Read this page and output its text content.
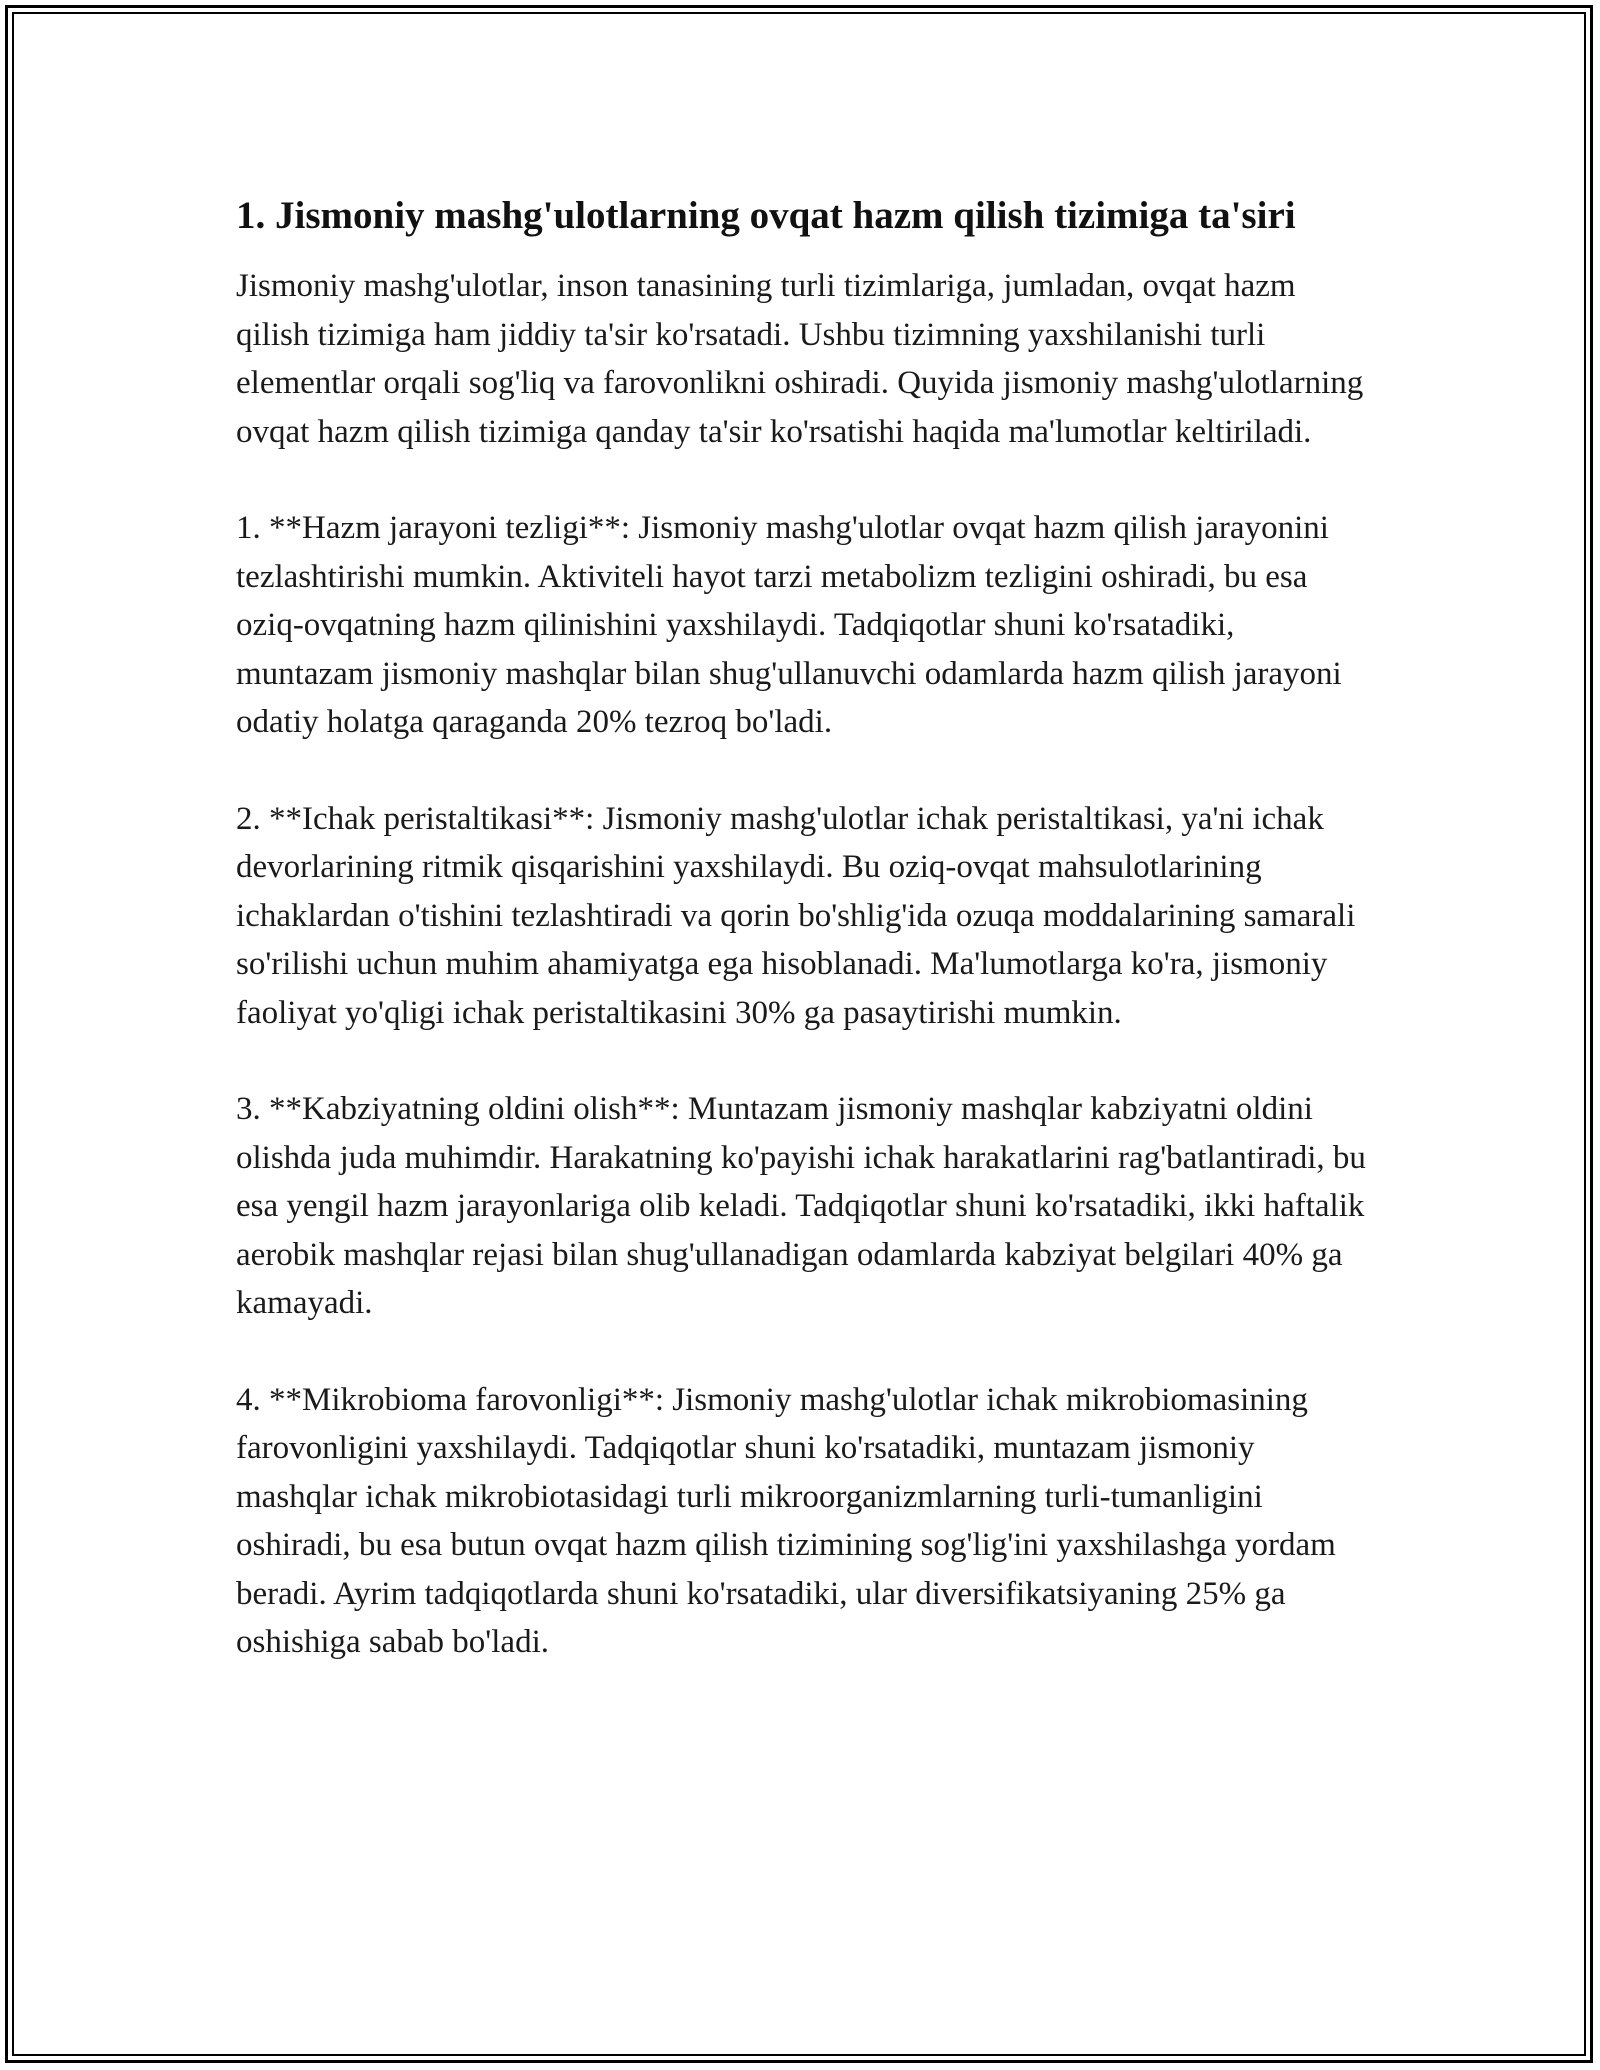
1. Jismoniy mashg'ulotlarning ovqat hazm qilish tizimiga ta'siri

Jismoniy mashg'ulotlar, inson tanasining turli tizimlariga, jumladan, ovqat hazm qilish tizimiga ham jiddiy ta'sir ko'rsatadi. Ushbu tizimning yaxshilanishi turli elementlar orqali sog'liq va farovonlikni oshiradi. Quyida jismoniy mashg'ulotlarning ovqat hazm qilish tizimiga qanday ta'sir ko'rsatishi haqida ma'lumotlar keltiriladi.

1. **Hazm jarayoni tezligi**: Jismoniy mashg'ulotlar ovqat hazm qilish jarayonini tezlashtirishi mumkin. Aktiviteli hayot tarzi metabolizm tezligini oshiradi, bu esa oziq-ovqatning hazm qilinishini yaxshilaydi. Tadqiqotlar shuni ko'rsatadiki, muntazam jismoniy mashqlar bilan shug'ullanuvchi odamlarda hazm qilish jarayoni odatiy holatga qaraganda 20% tezroq bo'ladi.

2. **Ichak peristaltikasi**: Jismoniy mashg'ulotlar ichak peristaltikasi, ya'ni ichak devorlarining ritmik qisqarishini yaxshilaydi. Bu oziq-ovqat mahsulotlarining ichaklardan o'tishini tezlashtiradi va qorin bo'shlig'ida ozuqa moddalarining samarali so'rilishi uchun muhim ahamiyatga ega hisoblanadi. Ma'lumotlarga ko'ra, jismoniy faoliyat yo'qligi ichak peristaltikasini 30% ga pasaytirishi mumkin.

3. **Kabziyatning oldini olish**: Muntazam jismoniy mashqlar kabziyatni oldini olishda juda muhimdir. Harakatning ko'payishi ichak harakatlarini rag'batlantiradi, bu esa yengil hazm jarayonlariga olib keladi. Tadqiqotlar shuni ko'rsatadiki, ikki haftalik aerobik mashqlar rejasi bilan shug'ullanadigan odamlarda kabziyat belgilari 40% ga kamayadi.

4. **Mikrobioma farovonligi**: Jismoniy mashg'ulotlar ichak mikrobiomasining farovonligini yaxshilaydi. Tadqiqotlar shuni ko'rsatadiki, muntazam jismoniy mashqlar ichak mikrobiotasidagi turli mikroorganizmlarning turli-tumanligini oshiradi, bu esa butun ovqat hazm qilish tizimining sog'lig'ini yaxshilashga yordam beradi. Ayrim tadqiqotlarda shuni ko'rsatadiki, ular diversifikatsiyaning 25% ga oshishiga sabab bo'ladi.
